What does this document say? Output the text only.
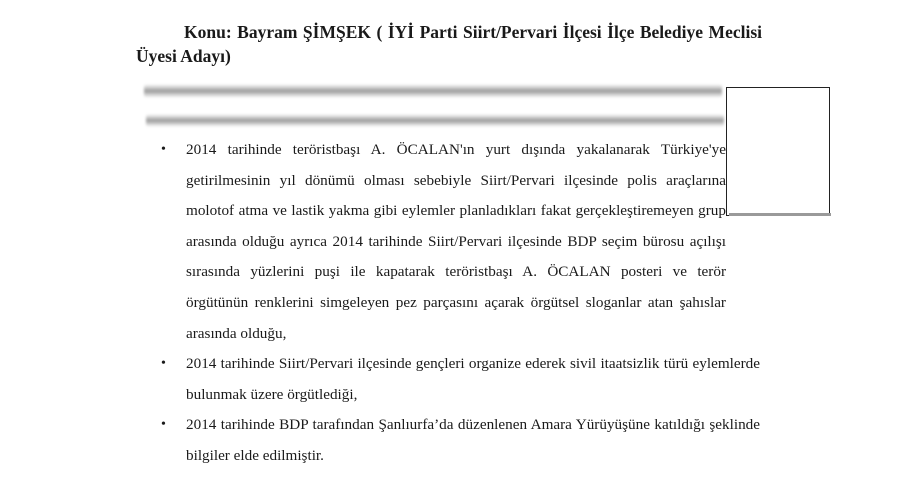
Konu: Bayram ŞİMŞEK ( İYİ Parti Siirt/Pervari İlçesi İlçe Belediye Meclisi Üyesi Adayı)

• 2014 tarihinde teröristbaşı A. ÖCALAN'ın yurt dışında yakalanarak Türkiye'ye getirilmesinin yıl dönümü olması sebebiyle Siirt/Pervari ilçesinde polis araçlarına molotof atma ve lastik yakma gibi eylemler planladıkları fakat gerçekleştiremeyen grup arasında olduğu ayrıca 2014 tarihinde Siirt/Pervari ilçesinde BDP seçim bürosu açılışı sırasında yüzlerini puşi ile kapatarak teröristbaşı A. ÖCALAN posteri ve terör örgütünün renklerini simgeleyen pez parçasını açarak örgütsel sloganlar atan şahıslar arasında olduğu,
• 2014 tarihinde Siirt/Pervari ilçesinde gençleri organize ederek sivil itaatsizlik türü eylemlerde bulunmak üzere örgütlediği,
• 2014 tarihinde BDP tarafından Şanlıurfa’da düzenlenen Amara Yürüyüşüne katıldığı şeklinde bilgiler elde edilmiştir.
